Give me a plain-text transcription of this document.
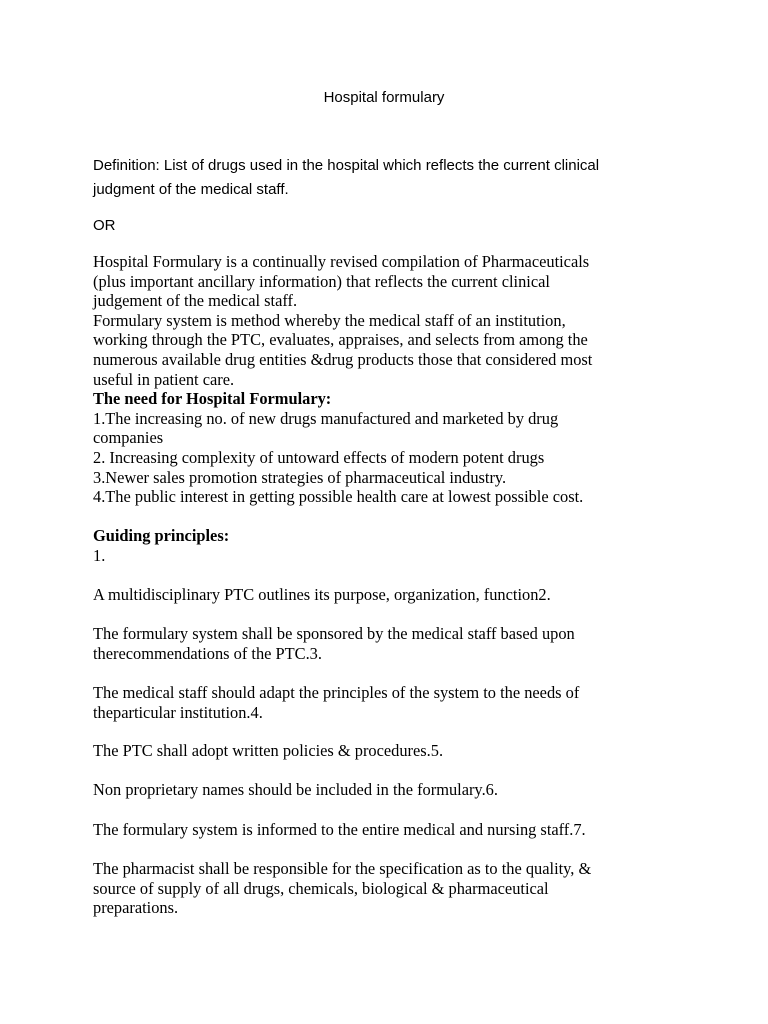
Hospital formulary
Definition: List of drugs used in the hospital which reflects the current clinical
judgment of the medical staff.
OR
Hospital Formulary is a continually revised compilation of Pharmaceuticals
(plus important ancillary information) that reflects the current clinical
judgement of the medical staff.
Formulary system is method whereby the medical staff of an institution,
working through the PTC, evaluates, appraises, and selects from among the
numerous available drug entities &drug products those that considered most
useful in patient care.
The need for Hospital Formulary:
1.The increasing no. of new drugs manufactured and marketed by drug
companies
2. Increasing complexity of untoward effects of modern potent drugs
3.Newer sales promotion strategies of pharmaceutical industry.
4.The public interest in getting possible health care at lowest possible cost.
Guiding principles:
1.
A multidisciplinary PTC outlines its purpose, organization, function2.
The formulary system shall be sponsored by the medical staff based upon
therecommendations of the PTC.3.
The medical staff should adapt the principles of the system to the needs of
theparticular institution.4.
The PTC shall adopt written policies & procedures.5.
Non proprietary names should be included in the formulary.6.
The formulary system is informed to the entire medical and nursing staff.7.
The pharmacist shall be responsible for the specification as to the quality, &
source of supply of all drugs, chemicals, biological & pharmaceutical
preparations.
